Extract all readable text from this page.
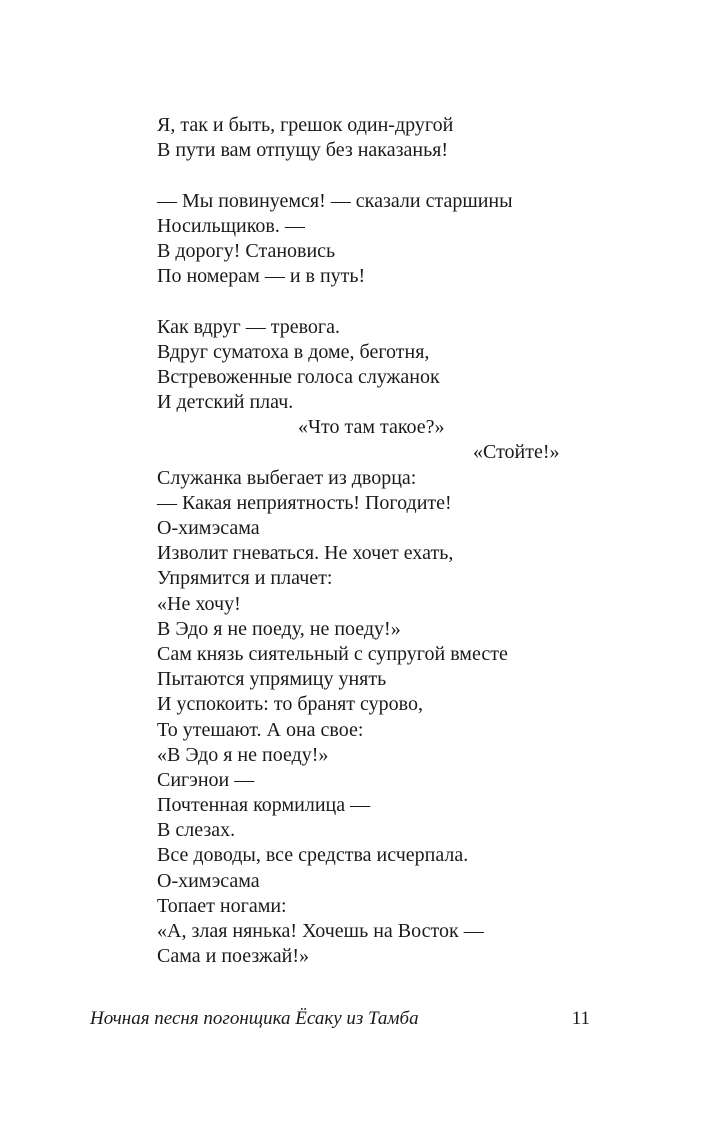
Я, так и быть, грешок один-другой
В пути вам отпущу без наказанья!
— Мы повинуемся! — сказали старшины
Носильщиков. —
В дорогу! Становись
По номерам — и в путь!
Как вдруг — тревога.
Вдруг суматоха в доме, беготня,
Встревоженные голоса служанок
И детский плач.
«Что там такое?»
«Стойте!»
Служанка выбегает из дворца:
— Какая неприятность! Погодите!
О-химэсама
Изволит гневаться. Не хочет ехать,
Упрямится и плачет:
«Не хочу!
В Эдо я не поеду, не поеду!»
Сам князь сиятельный с супругой вместе
Пытаются упрямицу унять
И успокоить: то бранят сурово,
То утешают. А она свое:
«В Эдо я не поеду!»
Сигэнои —
Почтенная кормилица —
В слезах.
Все доводы, все средства исчерпала.
О-химэсама
Топает ногами:
«А, злая нянька! Хочешь на Восток —
Сама и поезжай!»
Ночная песня погонщика Ёсаку из Тамба	11
